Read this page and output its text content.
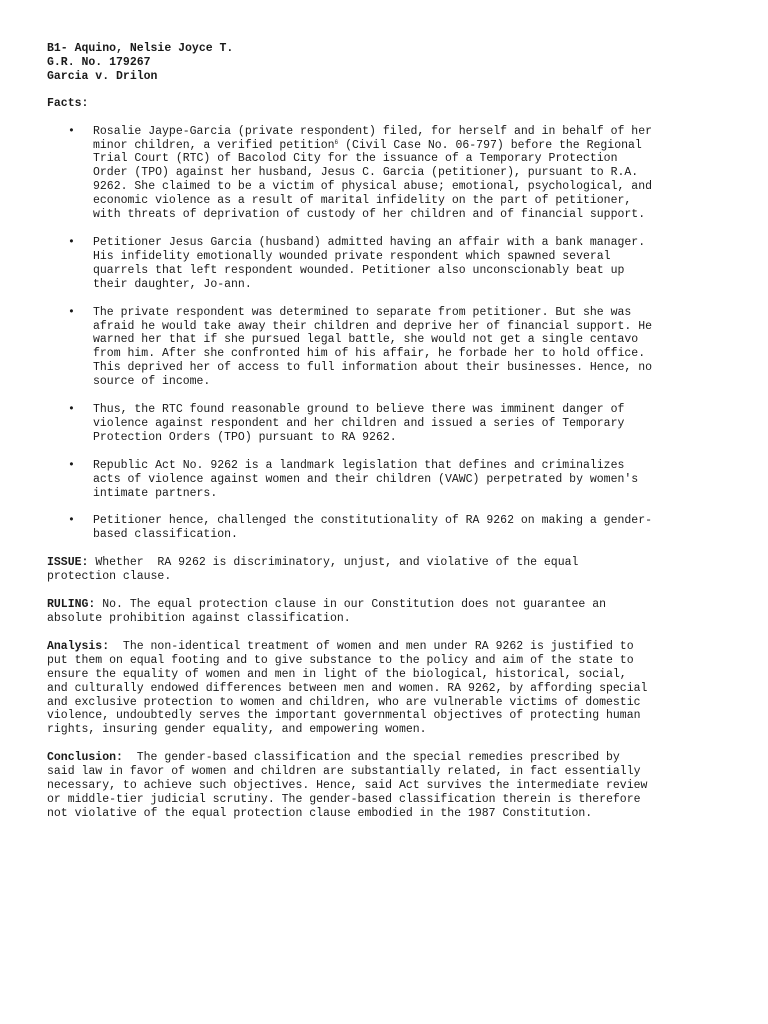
B1- Aquino, Nelsie Joyce T.
G.R. No. 179267
Garcia v. Drilon
Facts:
• Rosalie Jaype-Garcia (private respondent) filed, for herself and in behalf of her
minor children, a verified petition$^6$ (Civil Case No. 06-797) before the Regional
Trial Court (RTC) of Bacolod City for the issuance of a Temporary Protection
Order (TPO) against her husband, Jesus C. Garcia (petitioner), pursuant to R.A.
9262. She claimed to be a victim of physical abuse; emotional, psychological, and
economic violence as a result of marital infidelity on the part of petitioner,
with threats of deprivation of custody of her children and of financial support.
• Petitioner Jesus Garcia (husband) admitted having an affair with a bank manager.
His infidelity emotionally wounded private respondent which spawned several
quarrels that left respondent wounded. Petitioner also unconscionably beat up
their daughter, Jo-ann.
• The private respondent was determined to separate from petitioner. But she was
afraid he would take away their children and deprive her of financial support. He
warned her that if she pursued legal battle, she would not get a single centavo
from him. After she confronted him of his affair, he forbade her to hold office.
This deprived her of access to full information about their businesses. Hence, no
source of income.
• Thus, the RTC found reasonable ground to believe there was imminent danger of
violence against respondent and her children and issued a series of Temporary
Protection Orders (TPO) pursuant to RA 9262.
• Republic Act No. 9262 is a landmark legislation that defines and criminalizes
acts of violence against women and their children (VAWC) perpetrated by women's
intimate partners.
• Petitioner hence, challenged the constitutionality of RA 9262 on making a gender-
based classification.
ISSUE: Whether  RA 9262 is discriminatory, unjust, and violative of the equal
protection clause.
RULING: No. The equal protection clause in our Constitution does not guarantee an
absolute prohibition against classification.
Analysis:  The non-identical treatment of women and men under RA 9262 is justified to
put them on equal footing and to give substance to the policy and aim of the state to
ensure the equality of women and men in light of the biological, historical, social,
and culturally endowed differences between men and women. RA 9262, by affording special
and exclusive protection to women and children, who are vulnerable victims of domestic
violence, undoubtedly serves the important governmental objectives of protecting human
rights, insuring gender equality, and empowering women.
Conclusion:  The gender-based classification and the special remedies prescribed by
said law in favor of women and children are substantially related, in fact essentially
necessary, to achieve such objectives. Hence, said Act survives the intermediate review
or middle-tier judicial scrutiny. The gender-based classification therein is therefore
not violative of the equal protection clause embodied in the 1987 Constitution.
